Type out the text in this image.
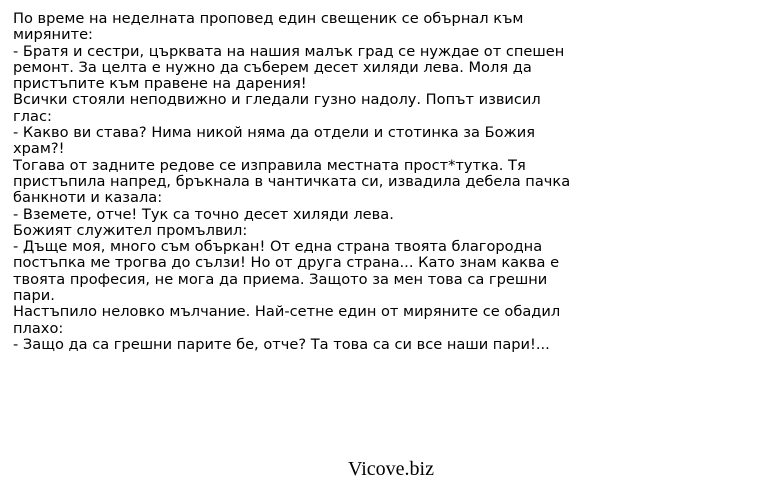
По време на неделната проповед един свещеник се обърнал към миряните:

- Братя и сестри, църквата на нашия малък град се нуждае от спешен ремонт. За целта е нужно да съберем десет хиляди лева. Моля да пристъпите към правене на дарения!

Всички стояли неподвижно и гледали гузно надолу. Попът извисил глас:

- Какво ви става? Нима никой няма да отдели и стотинка за Божия храм?!

Тогава от задните редове се изправила местната прост*тутка. Тя пристъпила напред, бръкнала в чантичката си, извадила дебела пачка банкноти и казала:

- Вземете, отче! Тук са точно десет хиляди лева.

Божият служител промълвил:

- Дъще моя, много съм объркан! От една страна твоята благородна постъпка ме трогва до сълзи! Но от друга страна... Като знам каква е твоята професия, не мога да приема. Защото за мен това са грешни пари.

Настъпило неловко мълчание. Най-сетне един от миряните се обадил плахо:

- Защо да са грешни парите бе, отче? Та това са си все наши пари!...

Vicove.biz
